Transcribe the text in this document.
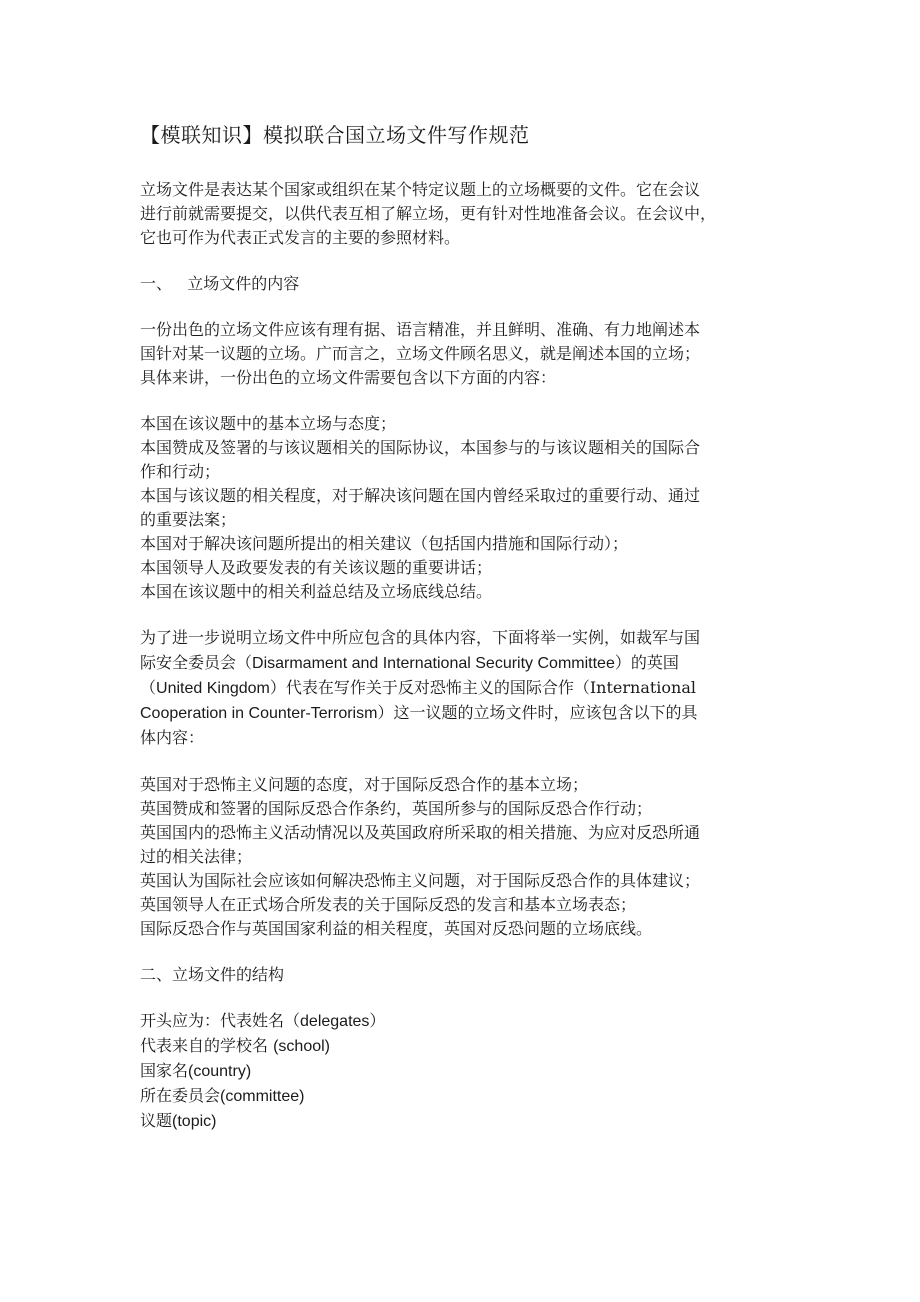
【模联知识】模拟联合国立场文件写作规范
立场文件是表达某个国家或组织在某个特定议题上的立场概要的文件。它在会议
进行前就需要提交，以供代表互相了解立场，更有针对性地准备会议。在会议中，
它也可作为代表正式发言的主要的参照材料。
一、   立场文件的内容
一份出色的立场文件应该有理有据、语言精准，并且鲜明、准确、有力地阐述本
国针对某一议题的立场。广而言之，立场文件顾名思义，就是阐述本国的立场；
具体来讲，一份出色的立场文件需要包含以下方面的内容：
本国在该议题中的基本立场与态度；
本国赞成及签署的与该议题相关的国际协议，本国参与的与该议题相关的国际合
作和行动；
本国与该议题的相关程度，对于解决该问题在国内曾经采取过的重要行动、通过
的重要法案；
本国对于解决该问题所提出的相关建议（包括国内措施和国际行动）；
本国领导人及政要发表的有关该议题的重要讲话；
本国在该议题中的相关利益总结及立场底线总结。
为了进一步说明立场文件中所应包含的具体内容，下面将举一实例，如裁军与国
际安全委员会（Disarmament and International Security Committee）的英国
（United Kingdom）代表在写作关于反对恐怖主义的国际合作（International
Cooperation in Counter-Terrorism）这一议题的立场文件时，应该包含以下的具
体内容：
英国对于恐怖主义问题的态度，对于国际反恐合作的基本立场；
英国赞成和签署的国际反恐合作条约，英国所参与的国际反恐合作行动；
英国国内的恐怖主义活动情况以及英国政府所采取的相关措施、为应对反恐所通
过的相关法律；
英国认为国际社会应该如何解决恐怖主义问题，对于国际反恐合作的具体建议；
英国领导人在正式场合所发表的关于国际反恐的发言和基本立场表态；
国际反恐合作与英国国家利益的相关程度，英国对反恐问题的立场底线。
二、立场文件的结构
开头应为：代表姓名（delegates）
代表来自的学校名 (school)
国家名(country)
所在委员会(committee)
议题(topic)
